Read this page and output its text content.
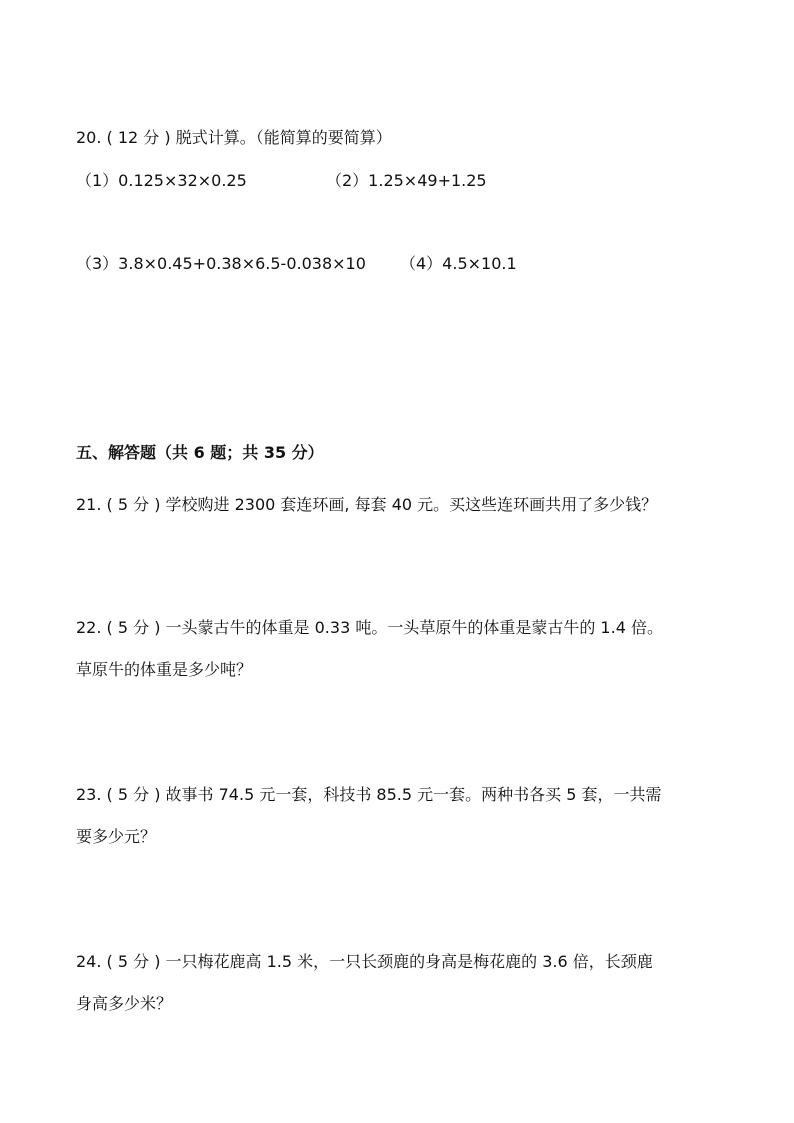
20. ( 12 分 ) 脱式计算。（能简算的要简算）
（1）0.125×32×0.25	（2）1.25×49+1.25
（3）3.8×0.45+0.38×6.5-0.038×10 （4）4.5×10.1
五、解答题（共 6 题；共 35 分）
21. ( 5 分 ) 学校购进 2300 套连环画, 每套 40 元。买这些连环画共用了多少钱？
22. ( 5 分 ) 一头蒙古牛的体重是 0.33 吨。一头草原牛的体重是蒙古牛的 1.4 倍。
草原牛的体重是多少吨？
23. ( 5 分 ) 故事书 74.5 元一套，科技书 85.5 元一套。两种书各买 5 套，一共需
要多少元？
24. ( 5 分 ) 一只梅花鹿高 1.5 米，一只长颈鹿的身高是梅花鹿的 3.6 倍，长颈鹿
身高多少米？
